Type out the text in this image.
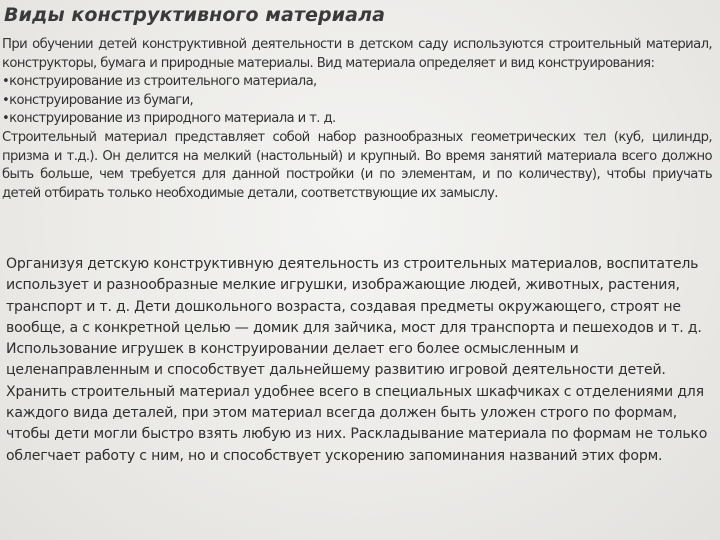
Виды конструктивного материала

При обучении детей конструктивной деятельности в детском саду используются строительный материал, конструкторы, бумага и природные материалы. Вид материала определяет и вид конструирования:

•конструирование из строительного материала,
•конструирование из бумаги,
•конструирование из природного материала и т. д.

Строительный материал представляет собой набор разнообразных геометрических тел (куб, цилиндр, призма и т.д.). Он делится на мелкий (настольный) и крупный. Во время занятий материала всего должно быть больше, чем требуется для данной постройки (и по элементам, и по количеству), чтобы приучать детей отбирать только необходимые детали, соответствующие их замыслу.

Организуя детскую конструктивную деятельность из строительных материалов, воспитатель использует и разнообразные мелкие игрушки, изображающие людей, животных, растения, транспорт и т. д. Дети дошкольного возраста, создавая предметы окружающего, строят не вообще, а с конкретной целью — домик для зайчика, мост для транспорта и пешеходов и т. д. Использование игрушек в конструировании делает его более осмысленным и целенаправленным и способствует дальнейшему развитию игровой деятельности детей. Хранить строительный материал удобнее всего в специальных шкафчиках с отделениями для каждого вида деталей, при этом материал всегда должен быть уложен строго по формам, чтобы дети могли быстро взять любую из них. Раскладывание материала по формам не только облегчает работу с ним, но и способствует ускорению запоминания названий этих форм.
